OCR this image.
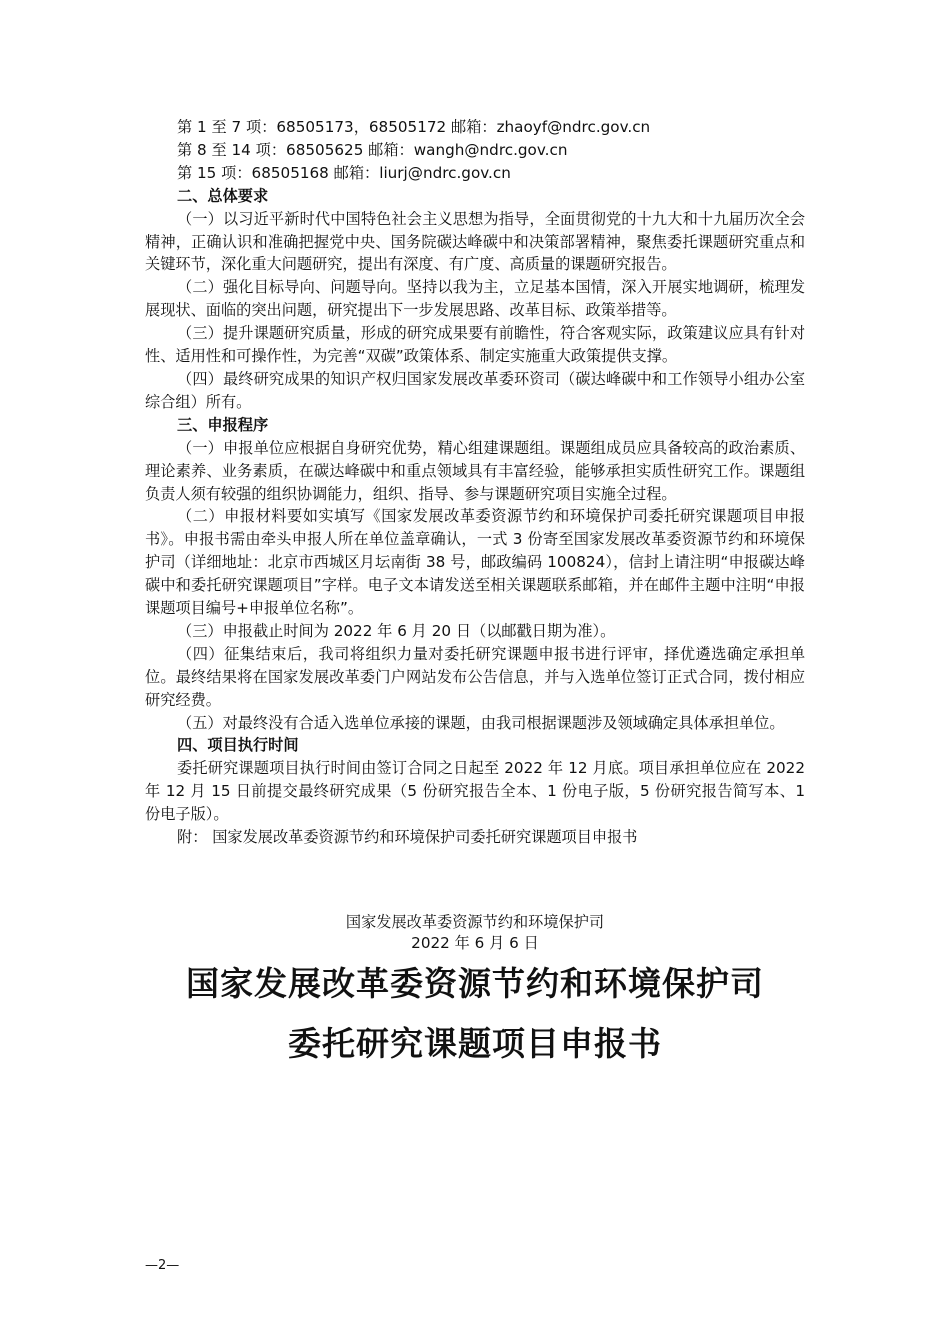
第 1 至 7 项：68505173，68505172 邮箱：zhaoyf@ndrc.gov.cn
第 8 至 14 项：68505625 邮箱：wangh@ndrc.gov.cn
第 15 项：68505168 邮箱：liurj@ndrc.gov.cn

二、总体要求

（一）以习近平新时代中国特色社会主义思想为指导，全面贯彻党的十九大和十九届历次全会精神，正确认识和准确把握党中央、国务院碳达峰碳中和决策部署精神，聚焦委托课题研究重点和关键环节，深化重大问题研究，提出有深度、有广度、高质量的课题研究报告。

（二）强化目标导向、问题导向。坚持以我为主，立足基本国情，深入开展实地调研，梳理发展现状、面临的突出问题，研究提出下一步发展思路、改革目标、政策举措等。

（三）提升课题研究质量，形成的研究成果要有前瞻性，符合客观实际，政策建议应具有针对性、适用性和可操作性，为完善“双碳”政策体系、制定实施重大政策提供支撑。

（四）最终研究成果的知识产权归国家发展改革委环资司（碳达峰碳中和工作领导小组办公室综合组）所有。

三、申报程序

（一）申报单位应根据自身研究优势，精心组建课题组。课题组成员应具备较高的政治素质、理论素养、业务素质，在碳达峰碳中和重点领域具有丰富经验，能够承担实质性研究工作。课题组负责人须有较强的组织协调能力，组织、指导、参与课题研究项目实施全过程。

（二）申报材料要如实填写《国家发展改革委资源节约和环境保护司委托研究课题项目申报书》。申报书需由牵头申报人所在单位盖章确认，一式 3 份寄至国家发展改革委资源节约和环境保护司（详细地址：北京市西城区月坛南街 38 号，邮政编码 100824），信封上请注明“申报碳达峰碳中和委托研究课题项目”字样。电子文本请发送至相关课题联系邮箱，并在邮件主题中注明“申报课题项目编号+申报单位名称”。

（三）申报截止时间为 2022 年 6 月 20 日（以邮戳日期为准）。

（四）征集结束后，我司将组织力量对委托研究课题申报书进行评审，择优遴选确定承担单位。最终结果将在国家发展改革委门户网站发布公告信息，并与入选单位签订正式合同，拨付相应研究经费。

（五）对最终没有合适入选单位承接的课题，由我司根据课题涉及领域确定具体承担单位。

四、项目执行时间

委托研究课题项目执行时间由签订合同之日起至 2022 年 12 月底。项目承担单位应在 2022 年 12 月 15 日前提交最终研究成果（5 份研究报告全本、1 份电子版，5 份研究报告简写本、1 份电子版）。

附： 国家发展改革委资源节约和环境保护司委托研究课题项目申报书

国家发展改革委资源节约和环境保护司
2022 年 6 月 6 日
国家发展改革委资源节约和环境保护司
委托研究课题项目申报书
—2—
